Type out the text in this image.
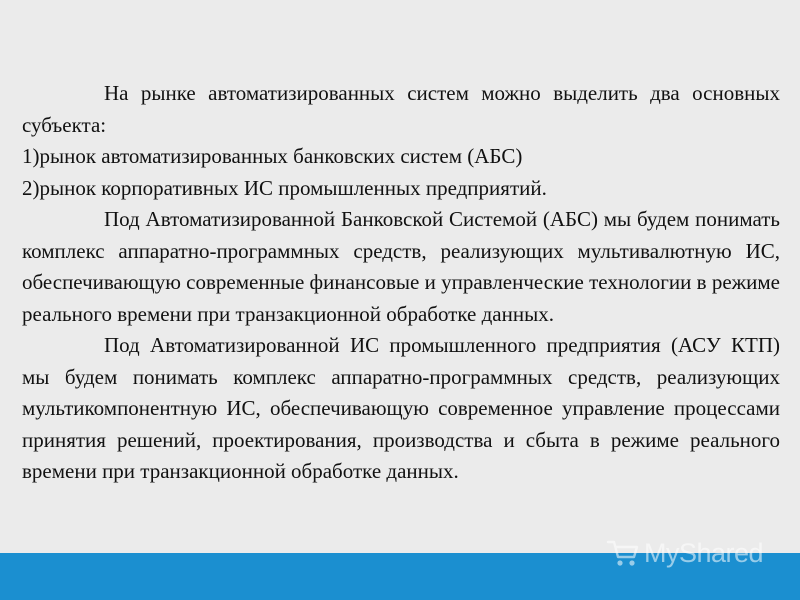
На рынке автоматизированных систем можно выделить два основных субъекта:

1)рынок автоматизированных банковских систем (АБС)

2)рынок корпоративных ИС промышленных предприятий.

Под Автоматизированной Банковской Системой (АБС) мы будем понимать комплекс аппаратно-программных средств, реализующих мультивалютную ИС, обеспечивающую современные финансовые и управленческие технологии в режиме реального времени при транзакционной обработке данных.

Под Автоматизированной ИС промышленного предприятия (АСУ КТП) мы будем понимать комплекс аппаратно-программных средств, реализующих мультикомпонентную ИС, обеспечивающую современное управление процессами принятия решений, проектирования, производства и сбыта в режиме реального времени при транзакционной обработке данных.

MyShared
